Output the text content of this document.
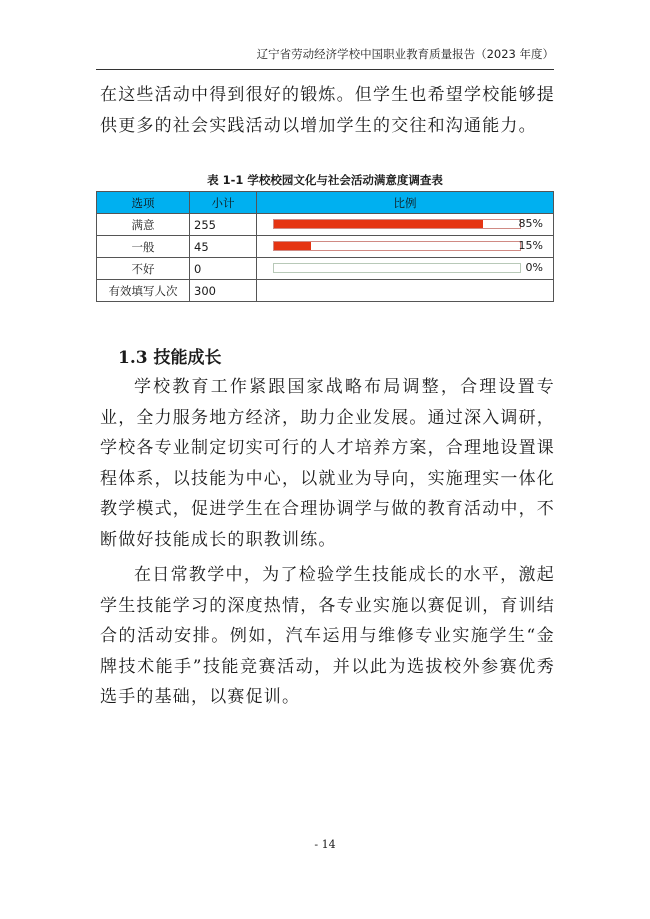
辽宁省劳动经济学校中国职业教育质量报告（2023 年度）
在这些活动中得到很好的锻炼。但学生也希望学校能够提供更多的社会实践活动以增加学生的交往和沟通能力。
表 1-1 学校校园文化与社会活动满意度调查表
选项	小计	比例
满意	255	85%

一般	45	15%

不好	0	0%

有效填写人次	300	
1.3 技能成长
学校教育工作紧跟国家战略布局调整，合理设置专业，全力服务地方经济，助力企业发展。通过深入调研，学校各专业制定切实可行的人才培养方案，合理地设置课程体系，以技能为中心，以就业为导向，实施理实一体化教学模式，促进学生在合理协调学与做的教育活动中，不断做好技能成长的职教训练。
在日常教学中，为了检验学生技能成长的水平，激起学生技能学习的深度热情，各专业实施以赛促训，育训结合的活动安排。例如，汽车运用与维修专业实施学生“金牌技术能手”技能竞赛活动，并以此为选拔校外参赛优秀选手的基础，以赛促训。
- 14
